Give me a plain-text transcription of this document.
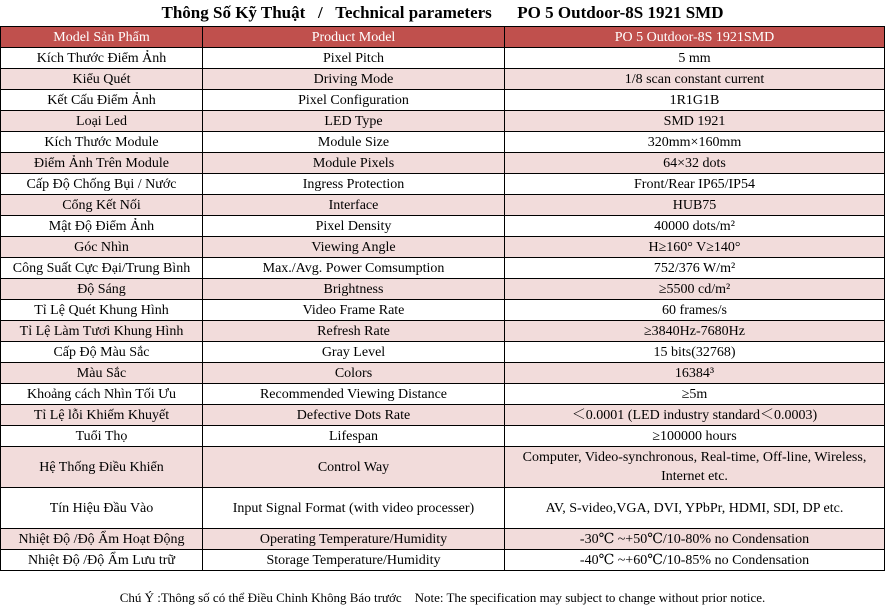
Thông Số Kỹ Thuật   /   Technical parameters      PO 5 Outdoor-8S 1921 SMD
Model Sản Phẩm	Product Model	PO 5 Outdoor-8S 1921SMD
Kích Thước Điểm Ảnh	Pixel Pitch	5 mm
Kiểu Quét	Driving Mode	1/8 scan constant current
Kết Cấu Điểm Ảnh	Pixel Configuration	1R1G1B
Loại Led	LED Type	SMD 1921
Kích Thước Module	Module Size	320mm×160mm
Điểm Ảnh Trên Module	Module Pixels	64×32 dots
Cấp Độ Chống Bụi / Nước	Ingress Protection	Front/Rear IP65/IP54
Cổng Kết Nối	Interface	HUB75
Mật Độ Điểm Ảnh	Pixel Density	40000 dots/m²
Góc Nhìn	Viewing Angle	H≥160° V≥140°
Công Suất Cực Đại/Trung Bình	Max./Avg. Power Comsumption	752/376 W/m²
Độ Sáng	Brightness	≥5500 cd/m²
Tỉ Lệ Quét Khung Hình	Video Frame Rate	60 frames/s
Tỉ Lệ Làm Tươi Khung Hình	Refresh Rate	≥3840Hz-7680Hz
Cấp Độ Màu Sắc	Gray Level	15 bits(32768)
Màu Sắc	Colors	16384³
Khoảng cách Nhìn Tối Ưu	Recommended Viewing Distance	≥5m
Tỉ Lệ lỗi Khiếm Khuyết	Defective Dots Rate	＜0.0001 (LED industry standard＜0.0003)
Tuổi Thọ	Lifespan	≥100000 hours
Hệ Thống Điều Khiển	Control Way	Computer, Video-synchronous, Real-time, Off-line, Wireless, Internet etc.
Tín Hiệu Đầu Vào	Input Signal Format (with video processer)	AV, S-video,VGA, DVI, YPbPr, HDMI, SDI, DP etc.
Nhiệt Độ /Độ Ẩm Hoạt Động	Operating Temperature/Humidity	-30℃ ~+50℃/10-80% no Condensation
Nhiệt Độ /Độ Ẩm Lưu trữ	Storage Temperature/Humidity	-40℃ ~+60℃/10-85% no Condensation
Chú Ý :Thông số có thể Điều Chỉnh Không Báo trước    Note: The specification may subject to change without prior notice.
